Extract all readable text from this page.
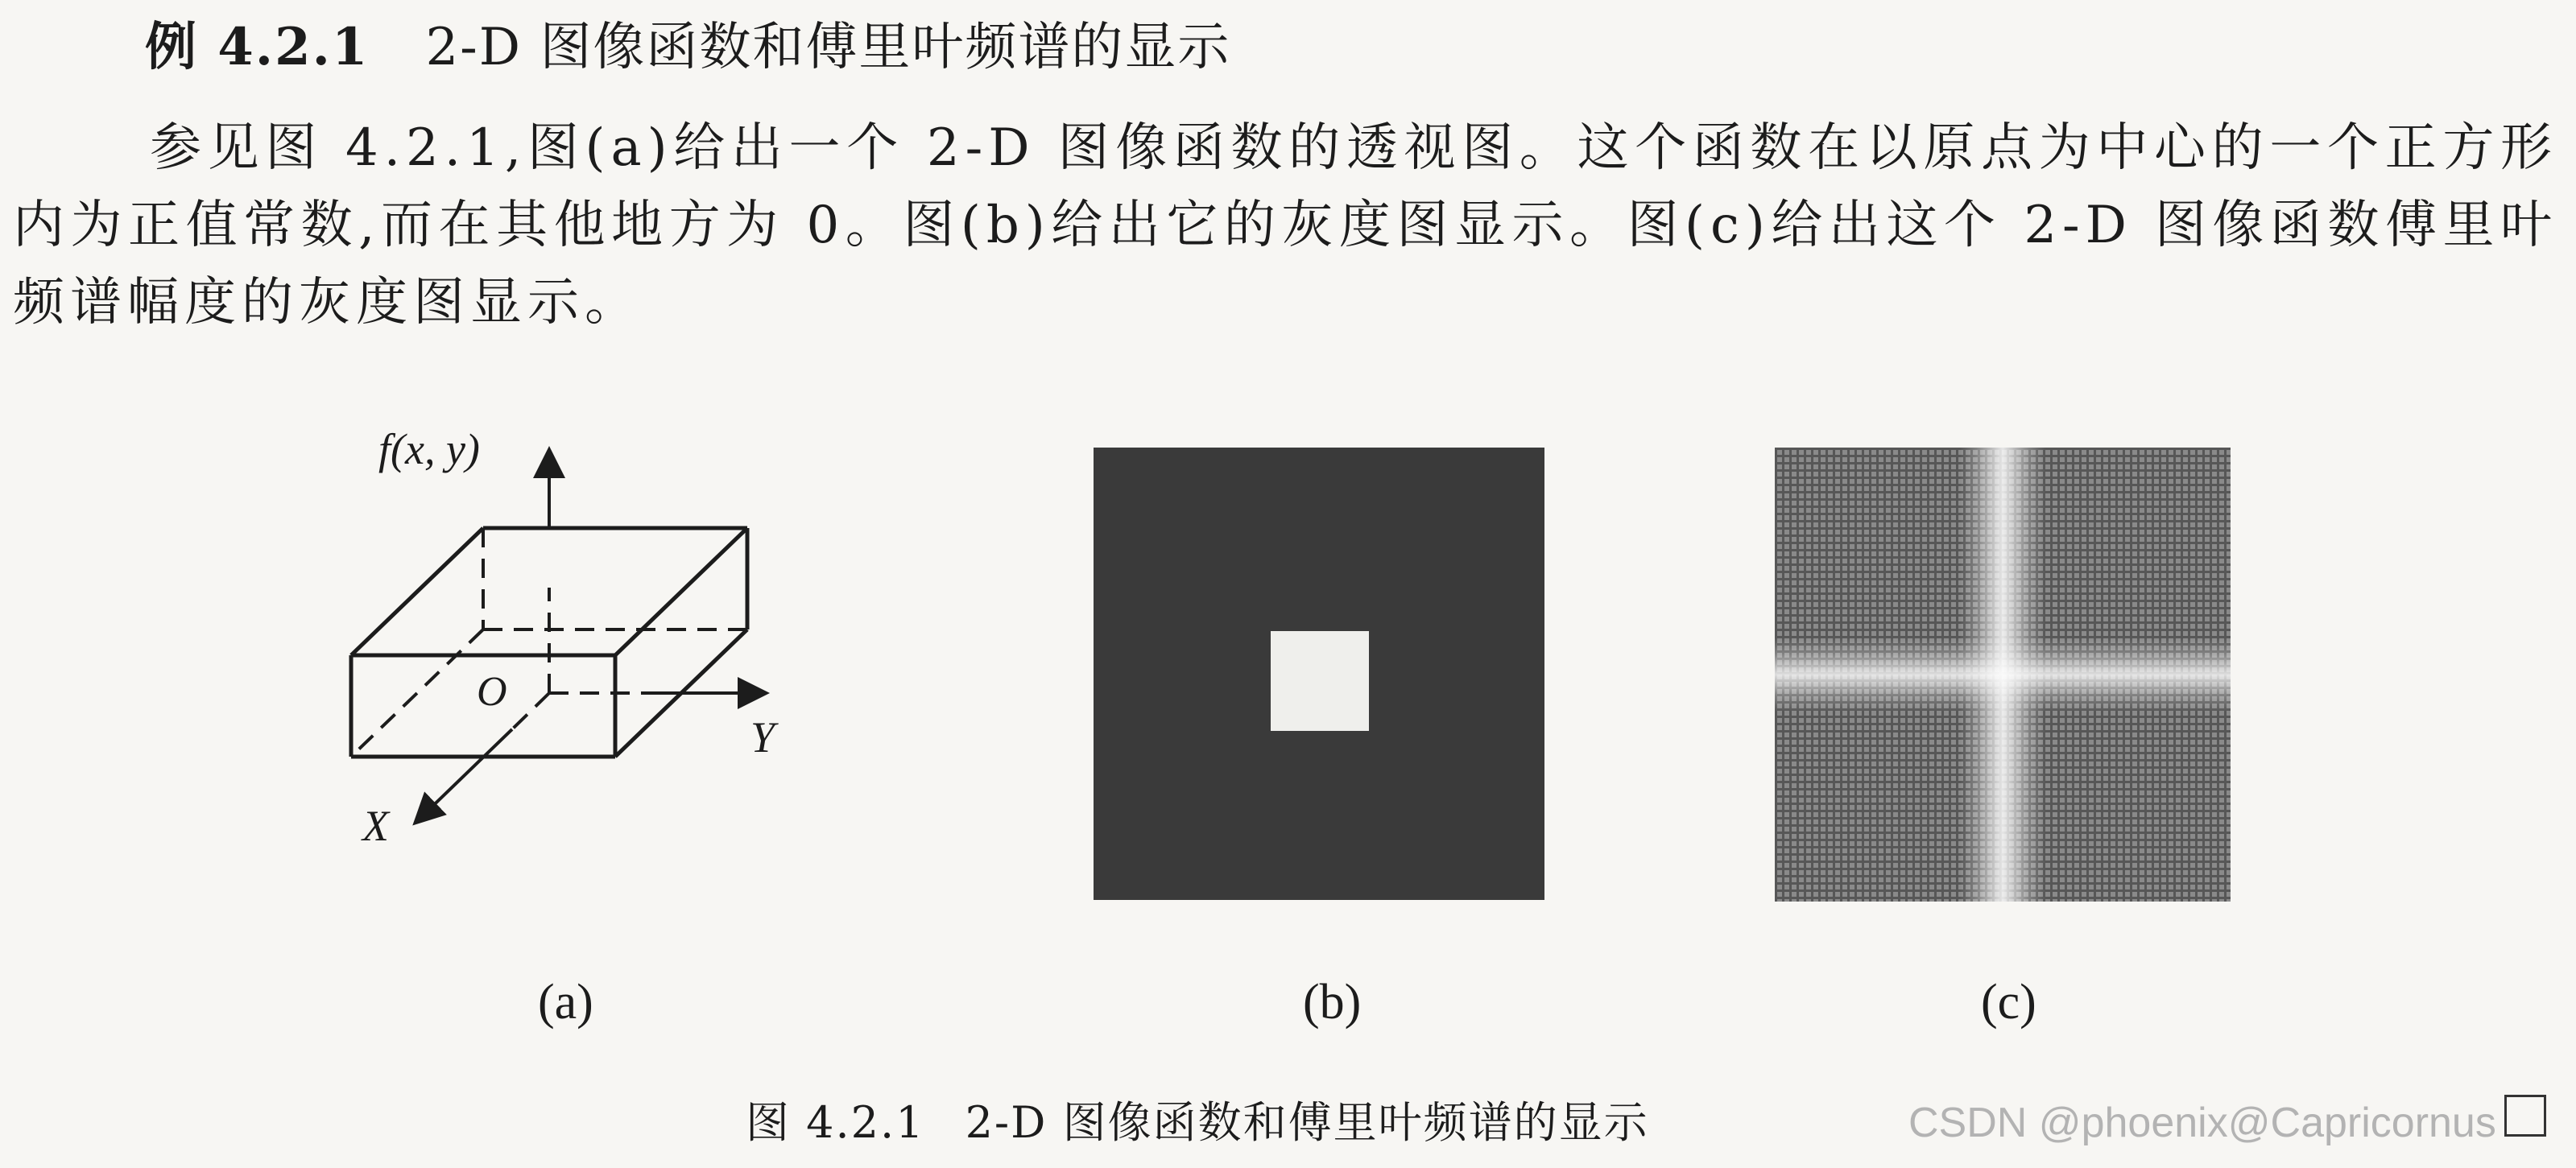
例 4.2.1 2-D 图像函数和傅里叶频谱的显示
参见图 4.2.1,图(a)给出一个 2-D 图像函数的透视图。这个函数在以原点为中心的一个正方形内为正值常数,而在其他地方为 0。图(b)给出它的灰度图显示。图(c)给出这个 2-D 图像函数傅里叶频谱幅度的灰度图显示。
f(x, y)
O
Y
X
(a)	(b)	(c)
图 4.2.1 2-D 图像函数和傅里叶频谱的显示	CSDN @phoenix@Capricornus
